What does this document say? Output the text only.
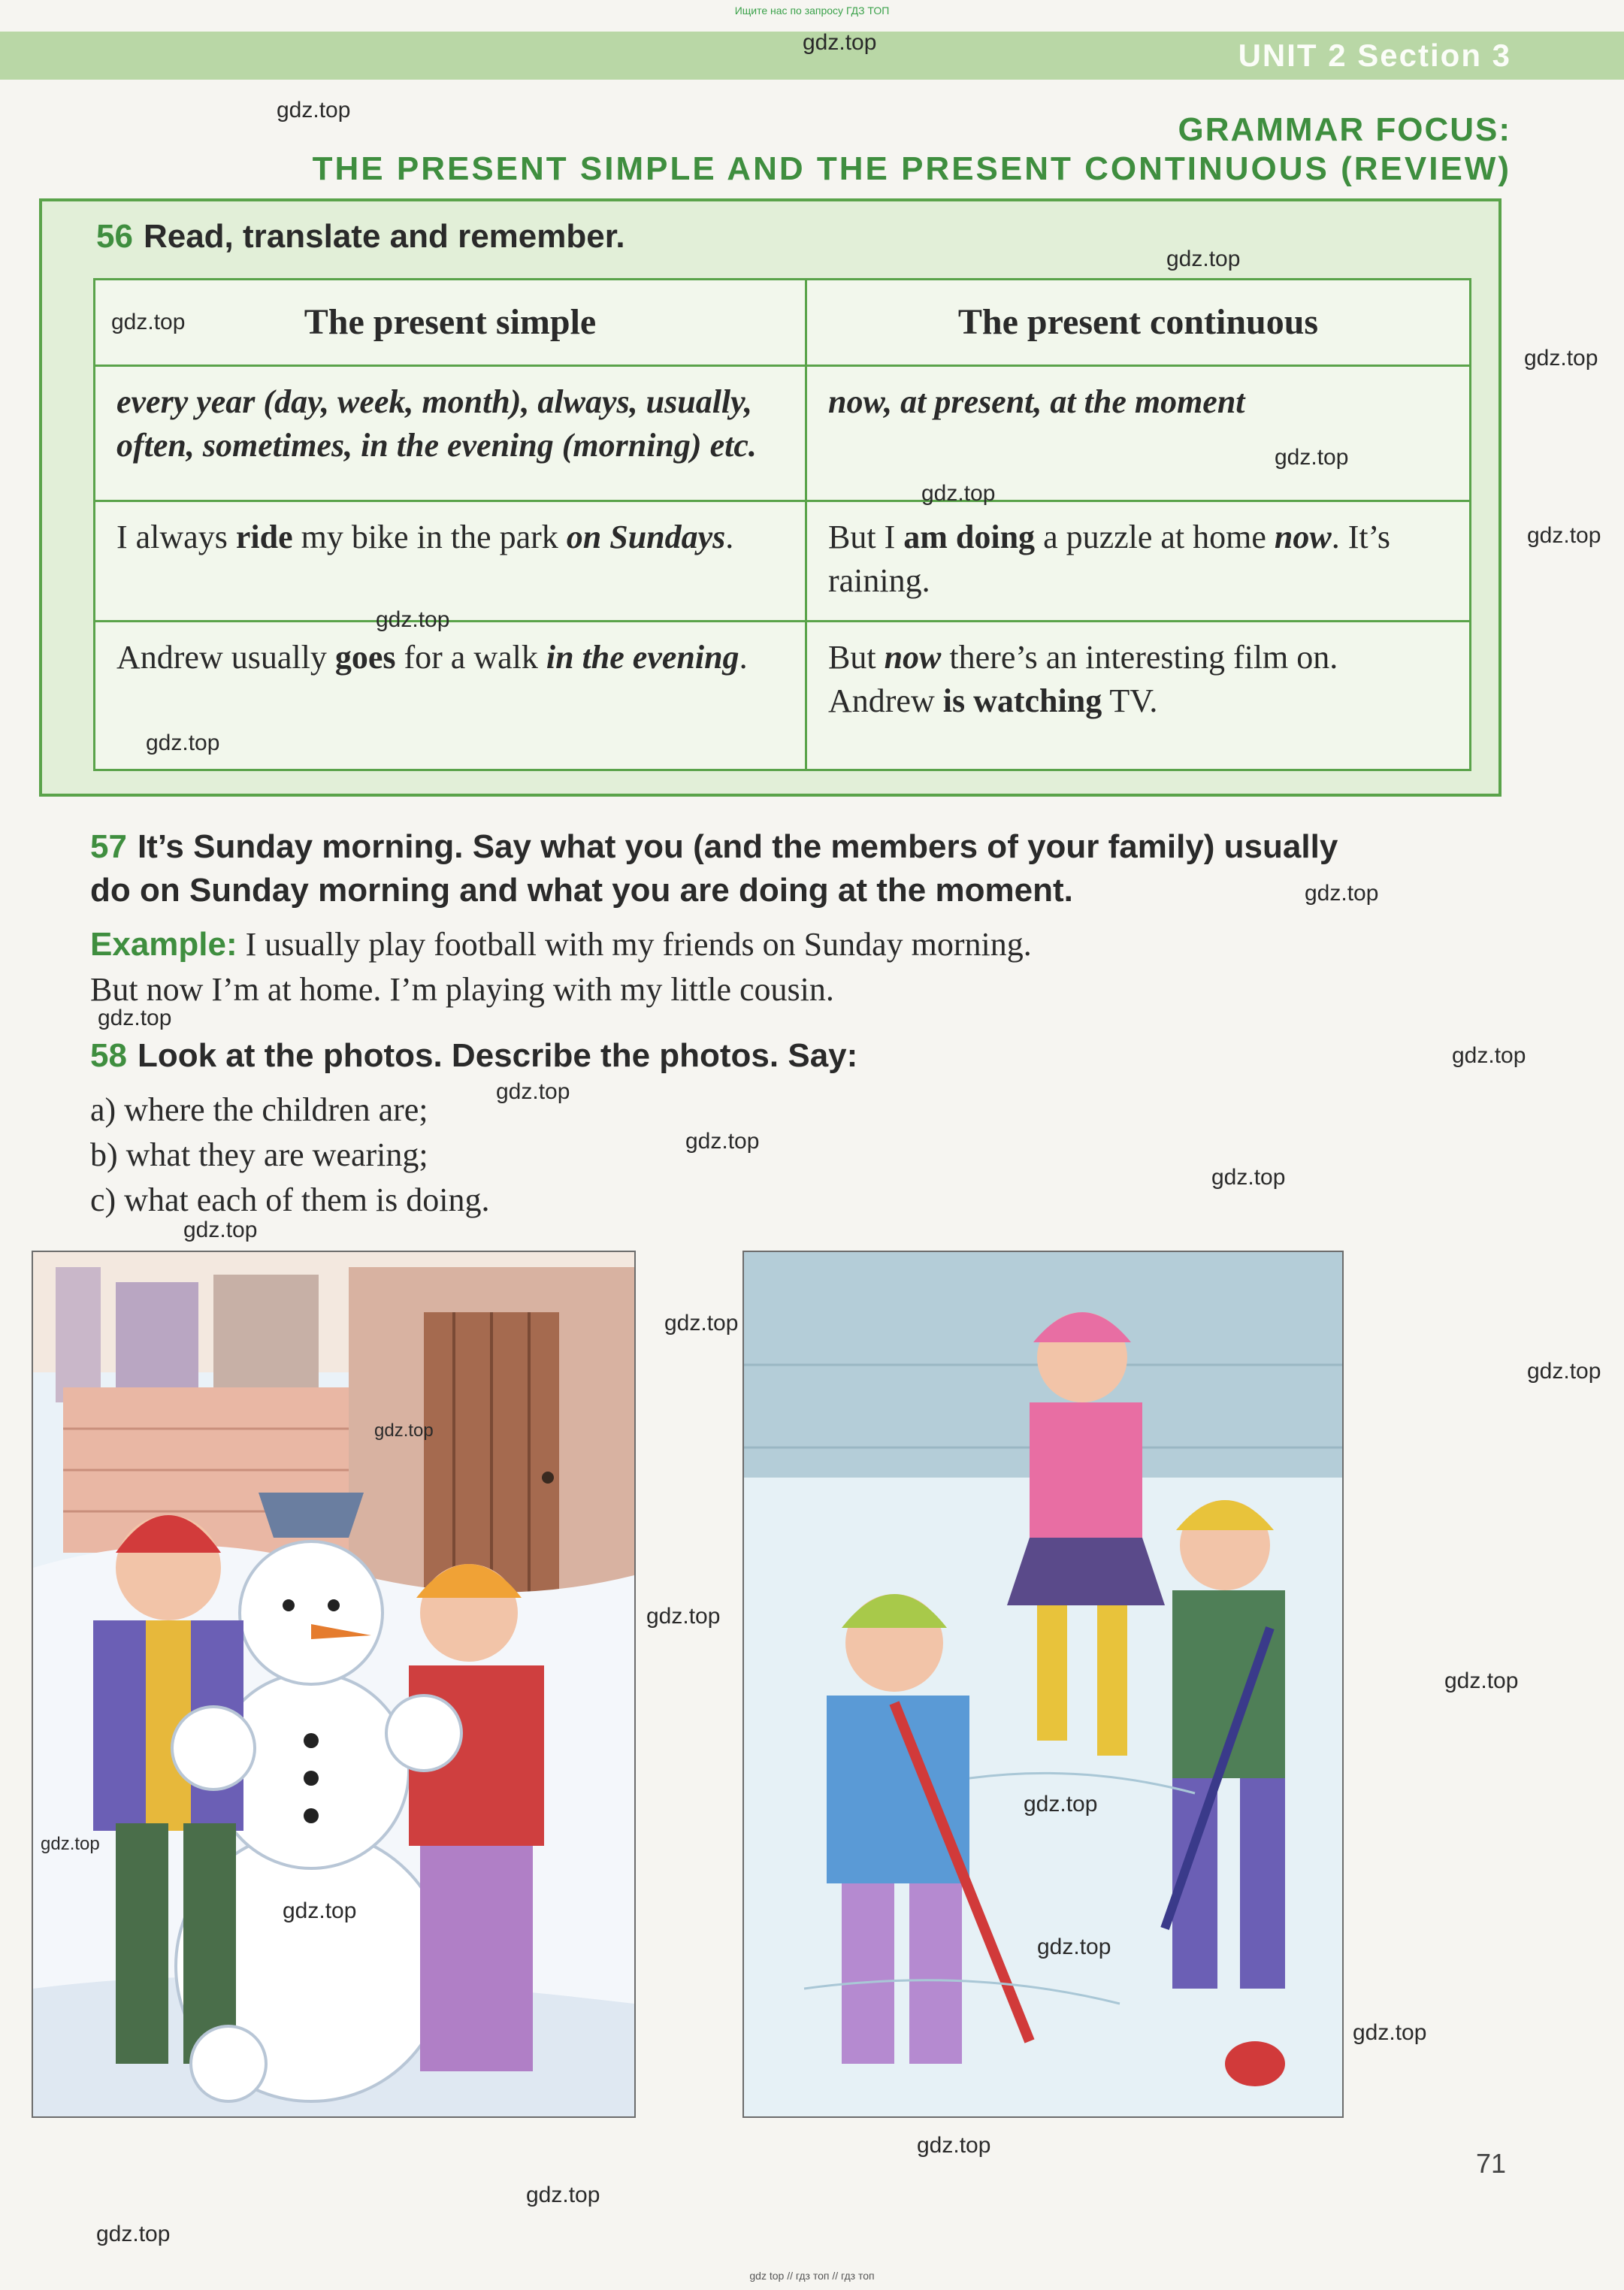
Ищите нас по запросу ГДЗ ТОП
UNIT 2 Section 3
GRAMMAR FOCUS:
THE PRESENT SIMPLE AND THE PRESENT CONTINUOUS (REVIEW)
56 Read, translate and remember.
The present simple	The present continuous
every year (day, week, month), always, usually, often, sometimes, in the evening (morning) etc.	now, at present, at the moment
I always ride my bike in the park on Sundays.	But I am doing a puzzle at home now. It’s raining.
Andrew usually goes for a walk in the evening.	But now there’s an interesting film on. Andrew is watching TV.
57 It’s Sunday morning. Say what you (and the members of your family) usually
do on Sunday morning and what you are doing at the moment.
Example: I usually play football with my friends on Sunday morning.
But now I’m at home. I’m playing with my little cousin.
58 Look at the photos. Describe the photos. Say:
a) where the children are;
b) what they are wearing;
c) what each of them is doing.
71
gdz.top
gdz.top
gdz.top
gdz.top
gdz.top
gdz.top
gdz.top
gdz.top
gdz.top
gdz.top
gdz.top
gdz.top
gdz.top
gdz.top
gdz.top
gdz.top
gdz.top
gdz.top
gdz.top
gdz.top
gdz.top
gdz.top
gdz.top
gdz.top
gdz.top
gdz.top
gdz.top
gdz.top
gdz.top
gdz.top
gdz top // гдз топ // гдз топ
